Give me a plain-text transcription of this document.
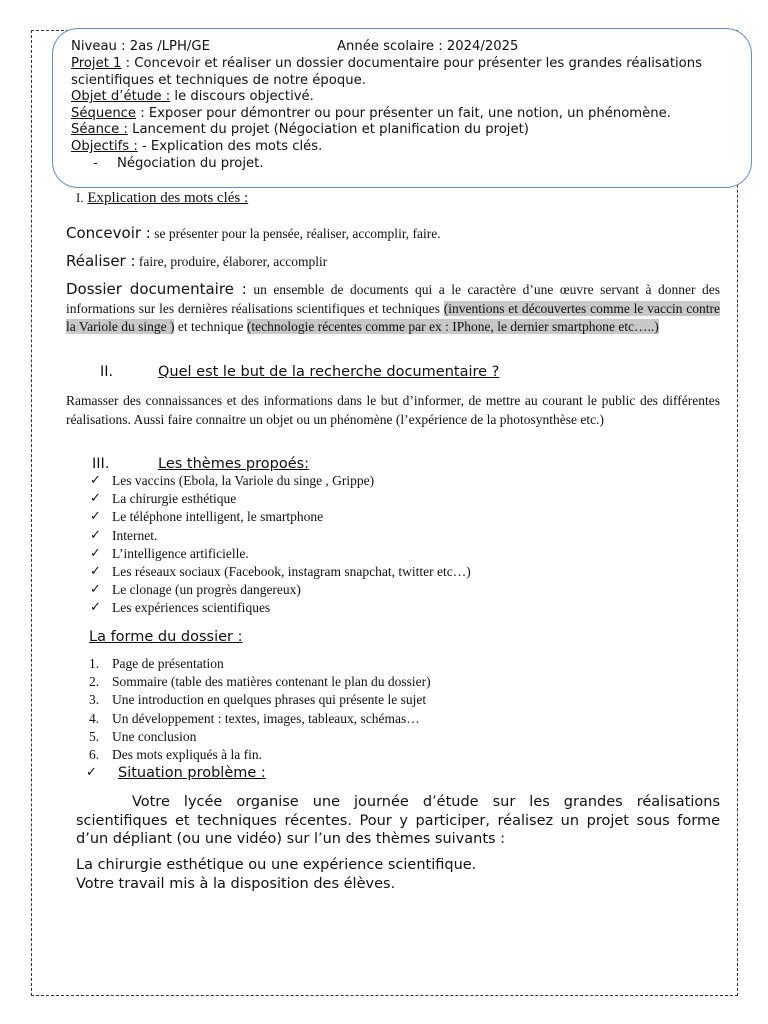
Niveau : 2as /LPH/GE	Année scolaire : 2024/2025
Projet 1 : Concevoir et réaliser un dossier documentaire pour présenter les grandes réalisations scientifiques et techniques de notre époque.
Objet d’étude : le discours objectivé.
Séquence : Exposer pour démontrer ou pour présenter un fait, une notion, un phénomène.
Séance : Lancement du projet (Négociation et planification du projet)
Objectifs : - Explication des mots clés.
- Négociation du projet.
I. Explication des mots clés :
Concevoir : se présenter pour la pensée, réaliser, accomplir, faire.
Réaliser : faire, produire, élaborer, accomplir
Dossier documentaire : un ensemble de documents qui a le caractère d’une œuvre servant à donner des informations sur les dernières réalisations scientifiques et techniques (inventions et découvertes comme le vaccin contre la Variole du singe ) et technique (technologie récentes comme par ex : IPhone, le dernier smartphone etc…..)
II.	Quel est le but de la recherche documentaire ?
Ramasser des connaissances et des informations dans le but d’informer, de mettre au courant le public des différentes réalisations. Aussi faire connaitre un objet ou un phénomène (l’expérience de la photosynthèse etc.)
III.	Les thèmes propoés:
✓ Les vaccins (Ebola, la Variole du singe , Grippe)
✓ La chirurgie esthétique
✓ Le téléphone intelligent, le smartphone
✓ Internet.
✓ L’intelligence artificielle.
✓ Les réseaux sociaux (Facebook, instagram snapchat, twitter etc…)
✓ Le clonage (un progrès dangereux)
✓ Les expériences scientifiques
La forme du dossier :
1. Page de présentation
2. Sommaire (table des matières contenant le plan du dossier)
3. Une introduction en quelques phrases qui présente le sujet
4. Un développement : textes, images, tableaux, schémas…
5. Une conclusion
6. Des mots expliqués à la fin.
✓ Situation problème :
Votre lycée organise une journée d’étude sur les grandes réalisations scientifiques et techniques récentes. Pour y participer, réalisez un projet sous forme d’un dépliant (ou une vidéo) sur l’un des thèmes suivants :
La chirurgie esthétique ou une expérience scientifique.
Votre travail mis à la disposition des élèves.
